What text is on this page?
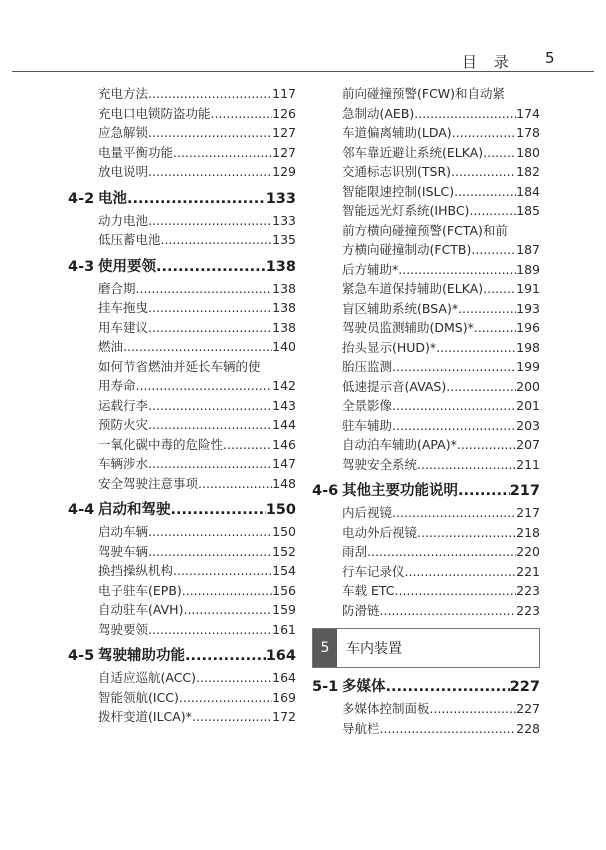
目 录 5
充电方法 .....	117
充电口电锁防盗功能 .....	126
应急解锁 .....	127
电量平衡功能 .....	127
放电说明 .....	129
4-2 电池 .....	133
动力电池 .....	133
低压蓄电池 .....	135
4-3 使用要领 .....	138
磨合期 .....	138
挂车拖曳 .....	138
用车建议 .....	138
燃油 .....	140
如何节省燃油并延长车辆的使
用寿命 .....	142
运载行李 .....	143
预防火灾 .....	144
一氧化碳中毒的危险性 .....	146
车辆涉水 .....	147
安全驾驶注意事项 .....	148
4-4 启动和驾驶 .....	150
启动车辆 .....	150
驾驶车辆 .....	152
换挡操纵机构 .....	154
电子驻车(EPB) .....	156
自动驻车(AVH) .....	159
驾驶要领 .....	161
4-5 驾驶辅助功能 .....	164
自适应巡航(ACC) .....	164
智能领航(ICC) .....	169
拨杆变道(ILCA)* .....	172
前向碰撞预警(FCW)和自动紧
急制动(AEB) .....	174
车道偏离辅助(LDA) .....	178
邻车靠近避让系统(ELKA) .....	180
交通标志识别(TSR) .....	182
智能限速控制(ISLC) .....	184
智能远光灯系统(IHBC) .....	185
前方横向碰撞预警(FCTA)和前
方横向碰撞制动(FCTB) .....	187
后方辅助* .....	189
紧急车道保持辅助(ELKA) .....	191
盲区辅助系统(BSA)* .....	193
驾驶员监测辅助(DMS)* .....	196
抬头显示(HUD)* .....	198
胎压监测 .....	199
低速提示音(AVAS) .....	200
全景影像 .....	201
驻车辅助 .....	203
自动泊车辅助(APA)* .....	207
驾驶安全系统 .....	211
4-6 其他主要功能说明 .....	217
内后视镜 .....	217
电动外后视镜 .....	218
雨刮 .....	220
行车记录仪 .....	221
车载 ETC .....	223
防滑链 .....	223
5	车内装置
5-1 多媒体 .....	227
多媒体控制面板 .....	227
导航栏 .....	228
